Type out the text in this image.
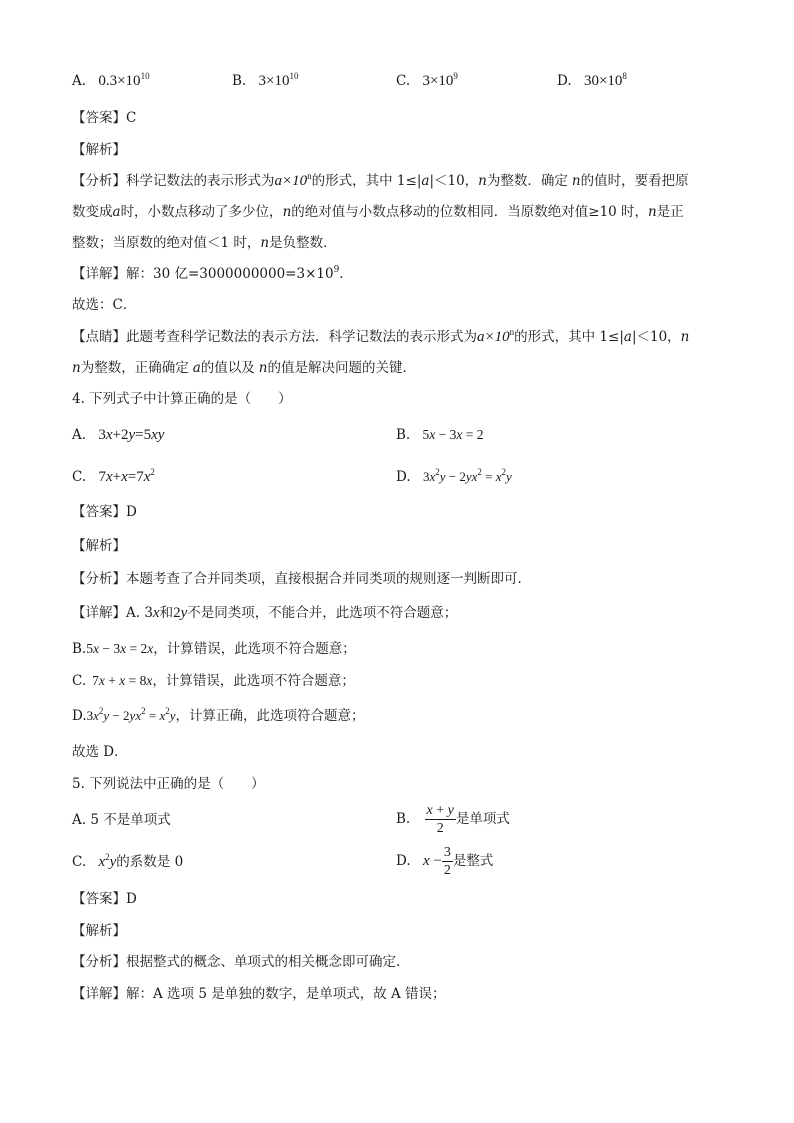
A. $0.3\times 10^{10}$	B. $3\times 10^{10}$	C. $3\times 10^9$	D. $30\times 10^8$
【答案】C
【解析】
【分析】科学记数法的表示形式为$a\times 10^n$的形式，其中 1≤|a|＜10，n为整数．确定 n的值时，要看把原
数变成a时，小数点移动了多少位，n的绝对值与小数点移动的位数相同．当原数绝对值≥10 时，n是正
整数；当原数的绝对值＜1 时，n是负整数．
【详解】解：30 亿$=3000000000=3\times 10^9$．
故选：C．
【点睛】此题考查科学记数法的表示方法．科学记数法的表示形式为$a\times 10^n$的形式，其中 1≤|a|＜10，n
n为整数，正确确定 a的值以及 n的值是解决问题的关键．
4. 下列式子中计算正确的是（　　）
A. 3x+2y=5xy	B. 5x − 3x = 2
C. $7x+x=7x^2$	D. $3x^2y - 2yx^2 = x^2y$
【答案】D
【解析】
【分析】本题考查了合并同类项，直接根据合并同类项的规则逐一判断即可．
【详解】A. 3x和2y不是同类项，不能合并，此选项不符合题意；
B.5x − 3x = 2x，计算错误，此选项不符合题意；
C. 7x + x = 8x，计算错误，此选项不符合题意；
$D.3x^2y - 2yx^2 = x^2y$，计算正确，此选项符合题意；
故选 D．
5. 下列说法中正确的是（　　）
A. 5 不是单项式	B. $\frac{x + y}{2}$ 是单项式
C. $x^2y$的系数是 0	D. $x - \frac{3}{2}$ 是整式
【答案】D
【解析】
【分析】根据整式的概念、单项式的相关概念即可确定.
【详解】解：A 选项 5 是单独的数字，是单项式，故 A 错误；
